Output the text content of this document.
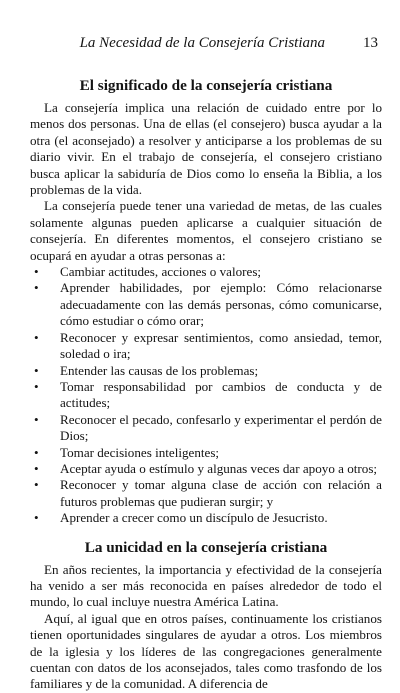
La Necesidad de la Consejería Cristiana	13
El significado de la consejería cristiana

La consejería implica una relación de cuidado entre por lo menos dos personas. Una de ellas (el consejero) busca ayudar a la otra (el aconsejado) a resolver y anticiparse a los problemas de su diario vivir. En el trabajo de consejería, el consejero cristiano busca aplicar la sabiduría de Dios como lo enseña la Biblia, a los problemas de la vida.

La consejería puede tener una variedad de metas, de las cuales solamente algunas pueden aplicarse a cualquier situación de consejería. En diferentes momentos, el consejero cristiano se ocupará en ayudar a otras personas a:

• Cambiar actitudes, acciones o valores;
• Aprender habilidades, por ejemplo: Cómo relacionarse adecuadamente con las demás personas, cómo comunicarse, cómo estudiar o cómo orar;
• Reconocer y expresar sentimientos, como ansiedad, temor, soledad o ira;
• Entender las causas de los problemas;
• Tomar responsabilidad por cambios de conducta y de actitudes;
• Reconocer el pecado, confesarlo y experimentar el perdón de Dios;
• Tomar decisiones inteligentes;
• Aceptar ayuda o estímulo y algunas veces dar apoyo a otros;
• Reconocer y tomar alguna clase de acción con relación a futuros problemas que pudieran surgir; y
• Aprender a crecer como un discípulo de Jesucristo.
La unicidad en la consejería cristiana

En años recientes, la importancia y efectividad de la consejería ha venido a ser más reconocida en países alrededor de todo el mundo, lo cual incluye nuestra América Latina.

Aquí, al igual que en otros países, continuamente los cristianos tienen oportunidades singulares de ayudar a otros. Los miembros de la iglesia y los líderes de las congregaciones generalmente cuentan con datos de los aconsejados, tales como trasfondo de los familiares y de la comunidad. A diferencia de
